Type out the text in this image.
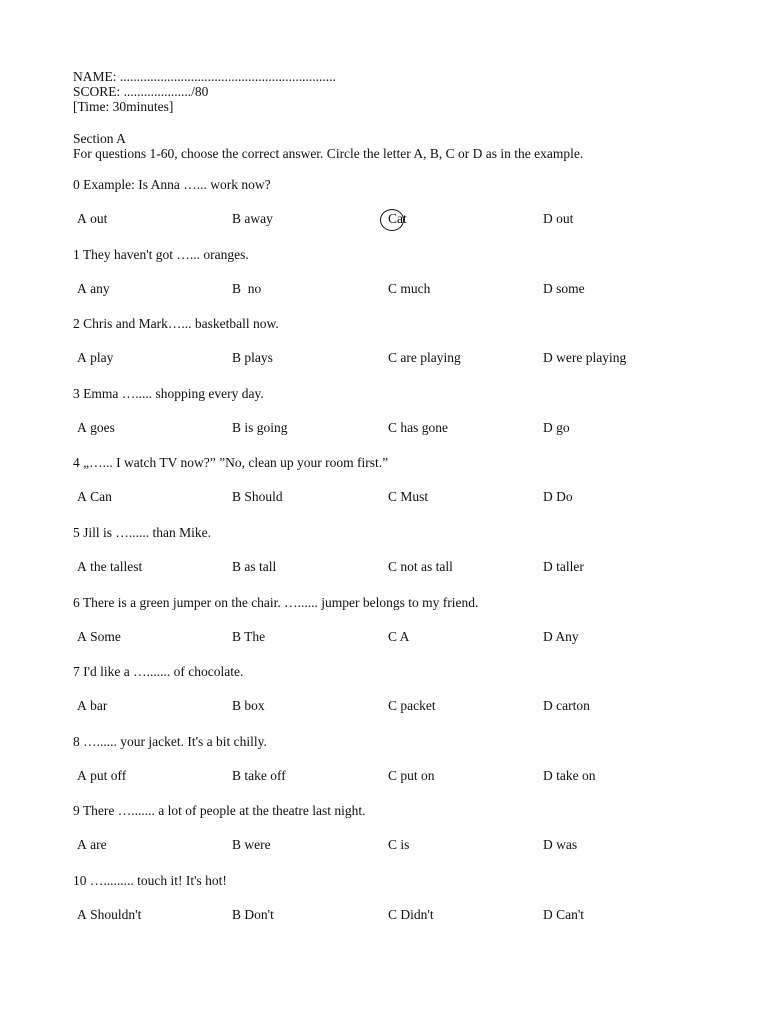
NAME: ................................................................
SCORE: ..................../80
[Time: 30minutes]
Section A
For questions 1-60, choose the correct answer. Circle the letter A, B, C or D as in the example.
0 Example: Is Anna …... work now?
A out	B away	Cat	D out
1 They haven't got …... oranges.
A any	B  no	C much	D some
2 Chris and Mark…... basketball now.
A play	B plays	C are playing	D were playing
3 Emma …..... shopping every day.
A goes	B is going	C has gone	D go
4 „…... I watch TV now?” ”No, clean up your room first.”
A Can	B Should	C Must	D Do
5 Jill is …...... than Mike.
A the tallest	B as tall	C not as tall	D taller
6 There is a green jumper on the chair. …...... jumper belongs to my friend.
A Some	B The	C A	D Any
7 I'd like a …....... of chocolate.
A bar	B box	C packet	D carton
8 …...... your jacket. It's a bit chilly.
A put off	B take off	C put on	D take on
9 There …....... a lot of people at the theatre last night.
A are	B were	C is	D was
10 …......... touch it! It's hot!
A Shouldn't	B Don't	C Didn't	D Can't
